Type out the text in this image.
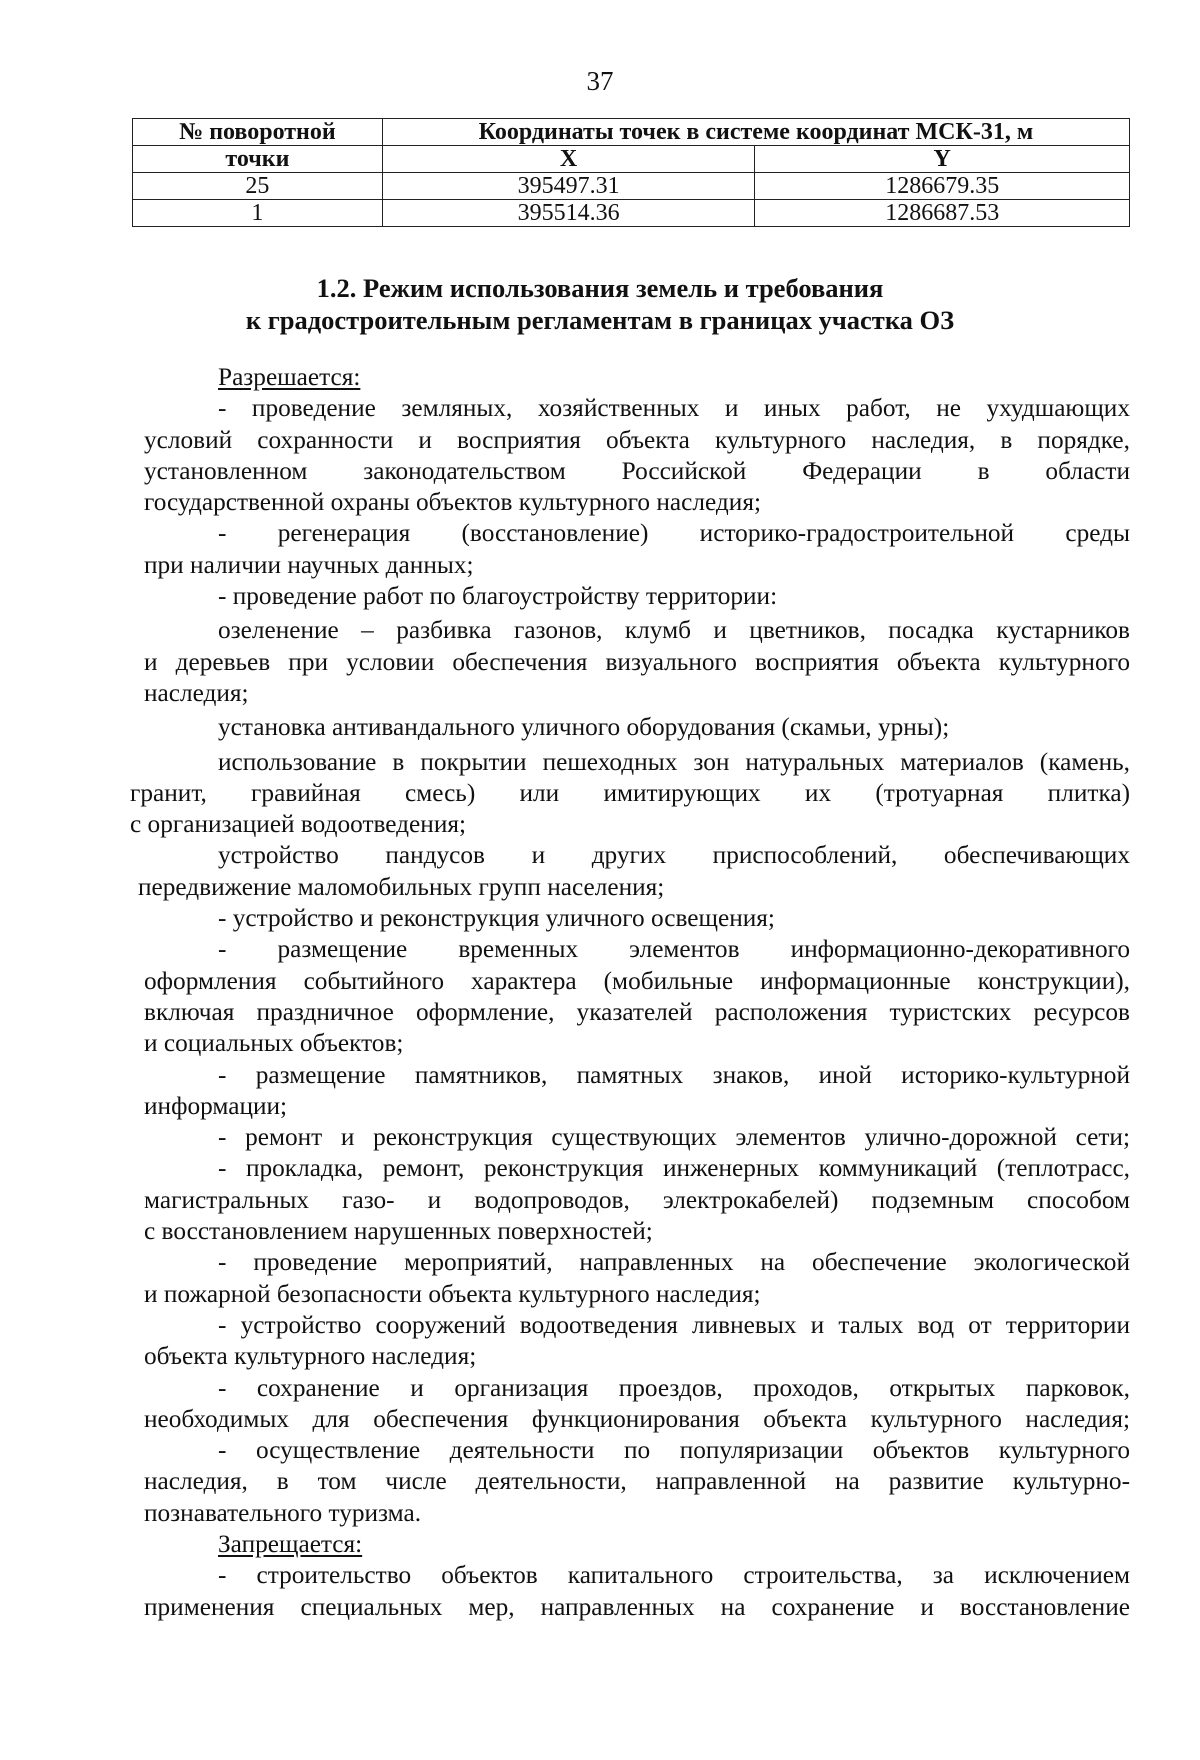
37
№ поворотной	Координаты точек в системе координат МСК-31, м	
точки	X	Y
25	395497.31	1286679.35
1	395514.36	1286687.53
1.2. Режим использования земель и требования
к градостроительным регламентам в границах участка ОЗ
Разрешается:
- проведение земляных, хозяйственных и иных работ, не ухудшающих
условий сохранности и восприятия объекта культурного наследия, в порядке,
установленном законодательством Российской Федерации в области
государственной охраны объектов культурного наследия;
- регенерация (восстановление) историко-градостроительной среды
при наличии научных данных;
- проведение работ по благоустройству территории:
озеленение – разбивка газонов, клумб и цветников, посадка кустарников
и деревьев при условии обеспечения визуального восприятия объекта культурного
наследия;
установка антивандального уличного оборудования (скамьи, урны);
использование в покрытии пешеходных зон натуральных материалов (камень,
гранит, гравийная смесь) или имитирующих их (тротуарная плитка)
с организацией водоотведения;
устройство пандусов и других приспособлений, обеспечивающих
передвижение маломобильных групп населения;
- устройство и реконструкция уличного освещения;
- размещение временных элементов информационно-декоративного
оформления событийного характера (мобильные информационные конструкции),
включая праздничное оформление, указателей расположения туристских ресурсов
и социальных объектов;
- размещение памятников, памятных знаков, иной историко-культурной
информации;
- ремонт и реконструкция существующих элементов улично-дорожной сети;
- прокладка, ремонт, реконструкция инженерных коммуникаций (теплотрасс,
магистральных газо- и водопроводов, электрокабелей) подземным способом
с восстановлением нарушенных поверхностей;
- проведение мероприятий, направленных на обеспечение экологической
и пожарной безопасности объекта культурного наследия;
- устройство сооружений водоотведения ливневых и талых вод от территории
объекта культурного наследия;
- сохранение и организация проездов, проходов, открытых парковок,
необходимых для обеспечения функционирования объекта культурного наследия;
- осуществление деятельности по популяризации объектов культурного
наследия, в том числе деятельности, направленной на развитие культурно-
познавательного туризма.
Запрещается:
- строительство объектов капитального строительства, за исключением
применения специальных мер, направленных на сохранение и восстановление
